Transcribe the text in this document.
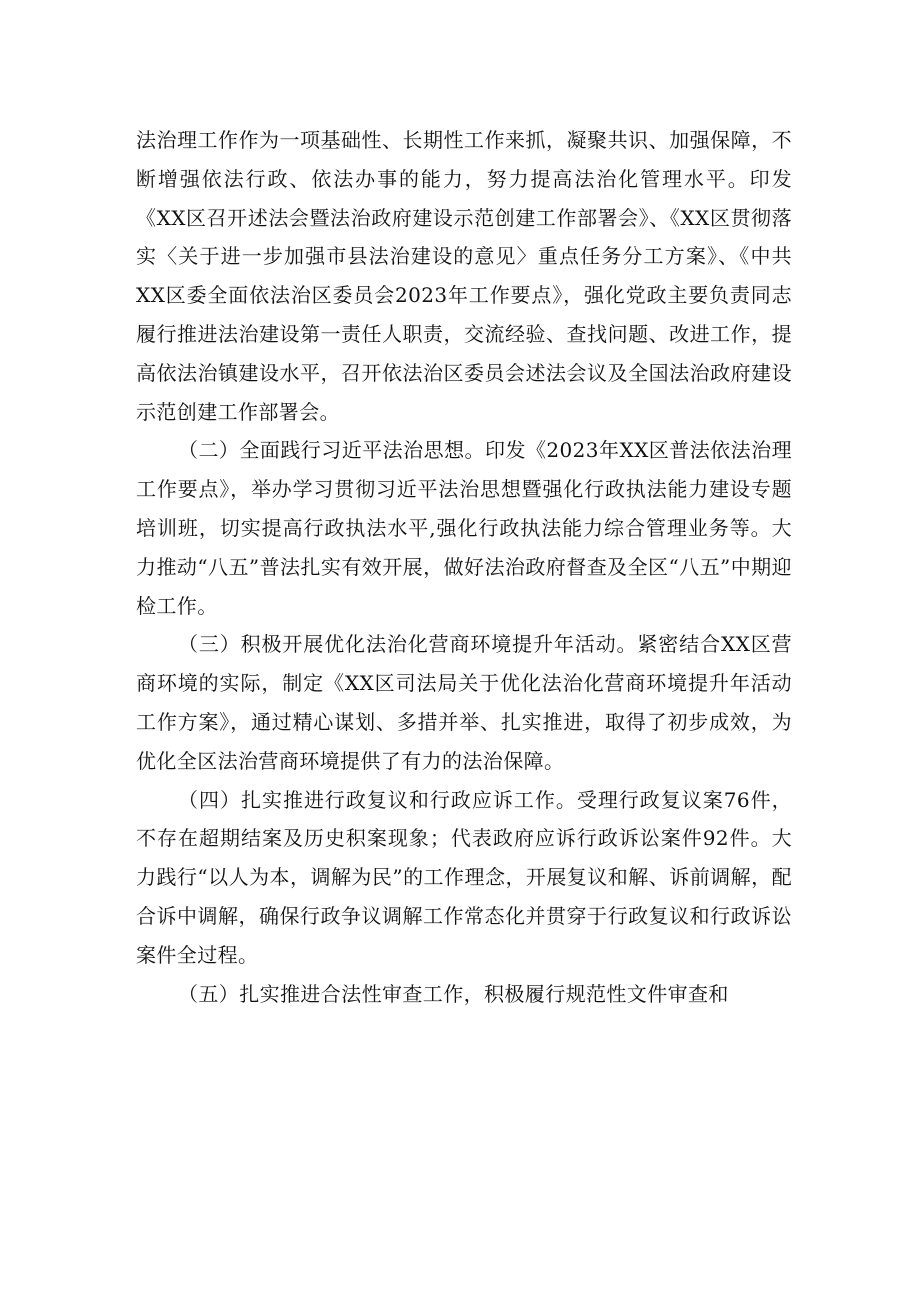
法治理工作作为一项基础性、长期性工作来抓，凝聚共识、加强保障，不断增强依法行政、依法办事的能力，努力提高法治化管理水平。印发《XX区召开述法会暨法治政府建设示范创建工作部署会》、《XX区贯彻落实〈关于进一步加强市县法治建设的意见〉重点任务分工方案》、《中共XX区委全面依法治区委员会2023年工作要点》，强化党政主要负责同志履行推进法治建设第一责任人职责，交流经验、查找问题、改进工作，提高依法治镇建设水平，召开依法治区委员会述法会议及全国法治政府建设示范创建工作部署会。

（二）全面践行习近平法治思想。印发《2023年XX区普法依法治理工作要点》，举办学习贯彻习近平法治思想暨强化行政执法能力建设专题培训班，切实提高行政执法水平,强化行政执法能力综合管理业务等。大力推动“八五”普法扎实有效开展，做好法治政府督查及全区“八五”中期迎检工作。

（三）积极开展优化法治化营商环境提升年活动。紧密结合XX区营商环境的实际，制定《XX区司法局关于优化法治化营商环境提升年活动工作方案》，通过精心谋划、多措并举、扎实推进，取得了初步成效，为优化全区法治营商环境提供了有力的法治保障。

（四）扎实推进行政复议和行政应诉工作。受理行政复议案76件，不存在超期结案及历史积案现象；代表政府应诉行政诉讼案件92件。大力践行“以人为本，调解为民”的工作理念，开展复议和解、诉前调解，配合诉中调解，确保行政争议调解工作常态化并贯穿于行政复议和行政诉讼案件全过程。

（五）扎实推进合法性审查工作，积极履行规范性文件审查和
